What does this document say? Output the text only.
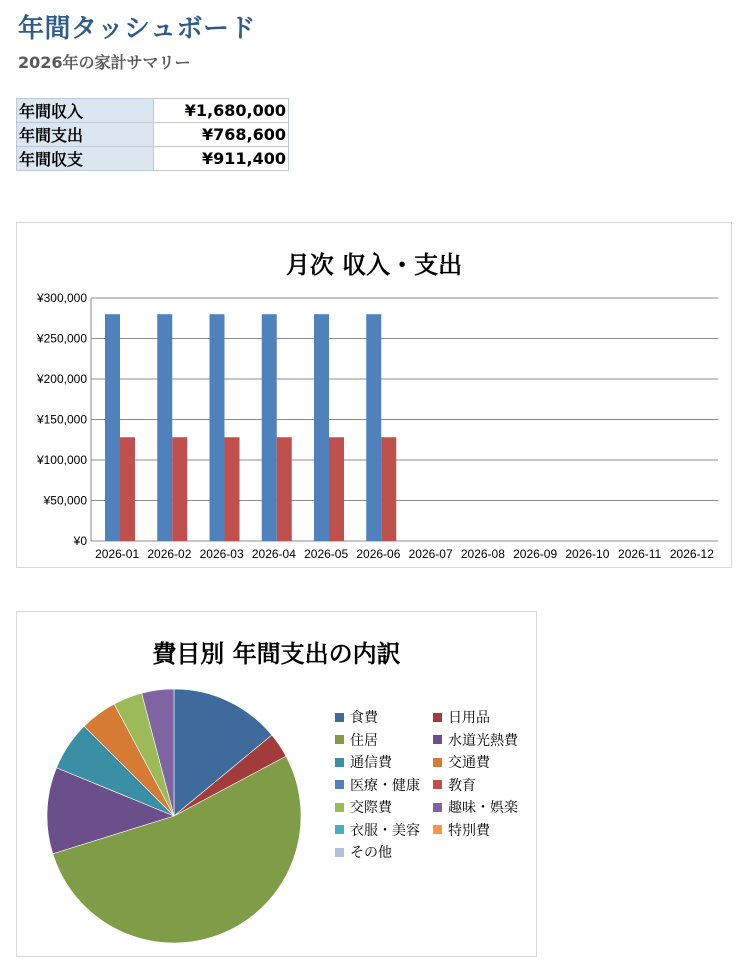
年間タッシュボード
2026年の家計サマリー
年間収入	¥1,680,000
年間支出	¥768,600
年間収支	¥911,400
月次 収入・支出
¥0
¥50,000
¥100,000
¥150,000
¥200,000
¥250,000
¥300,000
2026-01 2026-02 2026-03 2026-04 2026-05 2026-06 2026-07 2026-08 2026-09 2026-10 2026-11 2026-12
費目別 年間支出の内訳
食費	日用品
住居	水道光熱費
通信費	交通費
医療・健康	教育
交際費	趣味・娯楽
衣服・美容	特別費
その他
